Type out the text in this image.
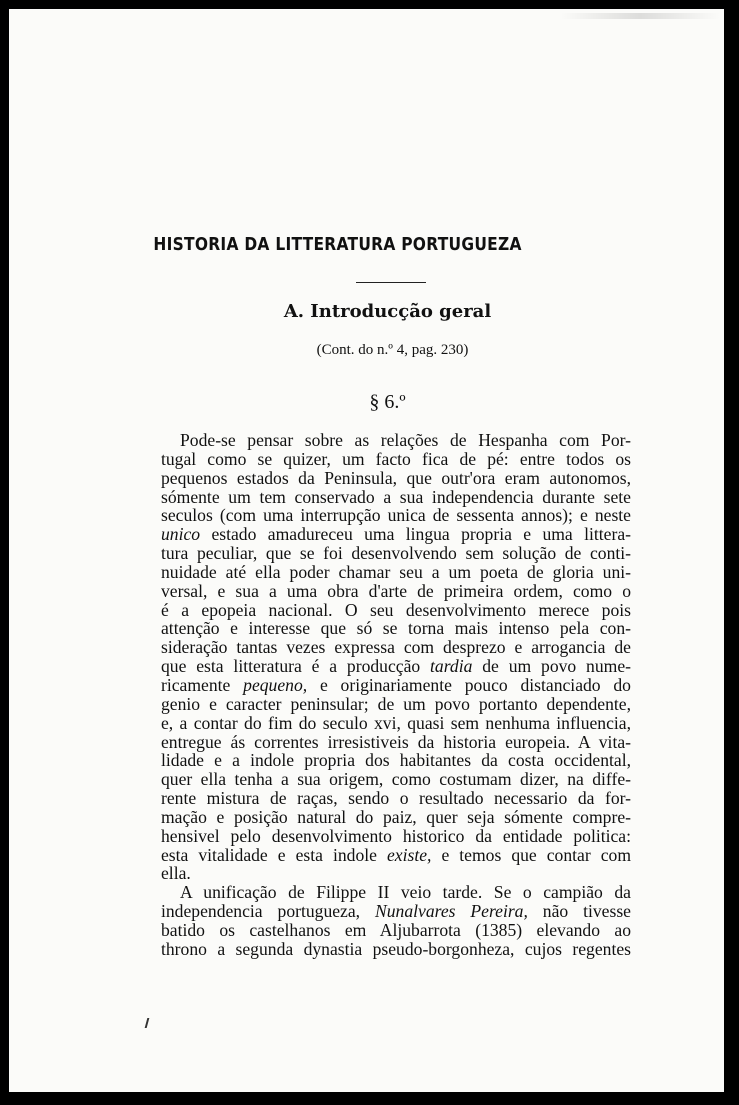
HISTORIA DA LITTERATURA PORTUGUEZA
A. Introducção geral
(Cont. do n.º 4, pag. 230)
§ 6.º
Pode-se pensar sobre as relações de Hespanha com Por-
tugal como se quizer, um facto fica de pé: entre todos os
pequenos estados da Peninsula, que outr'ora eram autonomos,
sómente um tem conservado a sua independencia durante sete
seculos (com uma interrupção unica de sessenta annos); e neste
unico estado amadureceu uma lingua propria e uma littera-
tura peculiar, que se foi desenvolvendo sem solução de conti-
nuidade até ella poder chamar seu a um poeta de gloria uni-
versal, e sua a uma obra d'arte de primeira ordem, como o
é a epopeia nacional. O seu desenvolvimento merece pois
attenção e interesse que só se torna mais intenso pela con-
sideração tantas vezes expressa com desprezo e arrogancia de
que esta litteratura é a producção tardia de um povo nume-
ricamente pequeno, e originariamente pouco distanciado do
genio e caracter peninsular; de um povo portanto dependente,
e, a contar do fim do seculo xvi, quasi sem nenhuma influencia,
entregue ás correntes irresistiveis da historia europeia. A vita-
lidade e a indole propria dos habitantes da costa occidental,
quer ella tenha a sua origem, como costumam dizer, na diffe-
rente mistura de raças, sendo o resultado necessario da for-
mação e posição natural do paiz, quer seja sómente compre-
hensivel pelo desenvolvimento historico da entidade politica:
esta vitalidade e esta indole existe, e temos que contar com
ella.
A unificação de Filippe II veio tarde. Se o campião da
independencia portugueza, Nunalvares Pereira, não tivesse
batido os castelhanos em Aljubarrota (1385) elevando ao
throno a segunda dynastia pseudo-borgonheza, cujos regentes
